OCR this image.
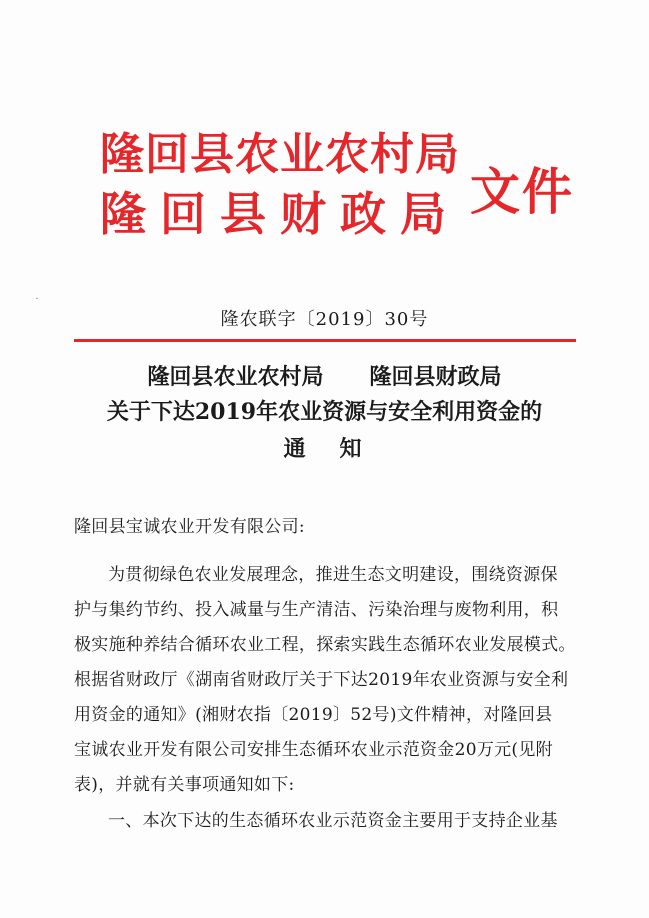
隆回县农业农村局
隆回县财政局 文件
˙
隆农联字〔2019〕30号
隆回县农业农村局 隆回县财政局
关于下达2019年农业资源与安全利用资金的
通 知
隆回县宝诚农业开发有限公司:
为贯彻绿色农业发展理念，推进生态文明建设，围绕资源保
护与集约节约、投入减量与生产清洁、污染治理与废物利用，积
极实施种养结合循环农业工程，探索实践生态循环农业发展模式。
根据省财政厅《湖南省财政厅关于下达2019年农业资源与安全利
用资金的通知》(湘财农指〔2019〕52号)文件精神，对隆回县
宝诚农业开发有限公司安排生态循环农业示范资金20万元(见附
表)，并就有关事项通知如下:
一、本次下达的生态循环农业示范资金主要用于支持企业基
